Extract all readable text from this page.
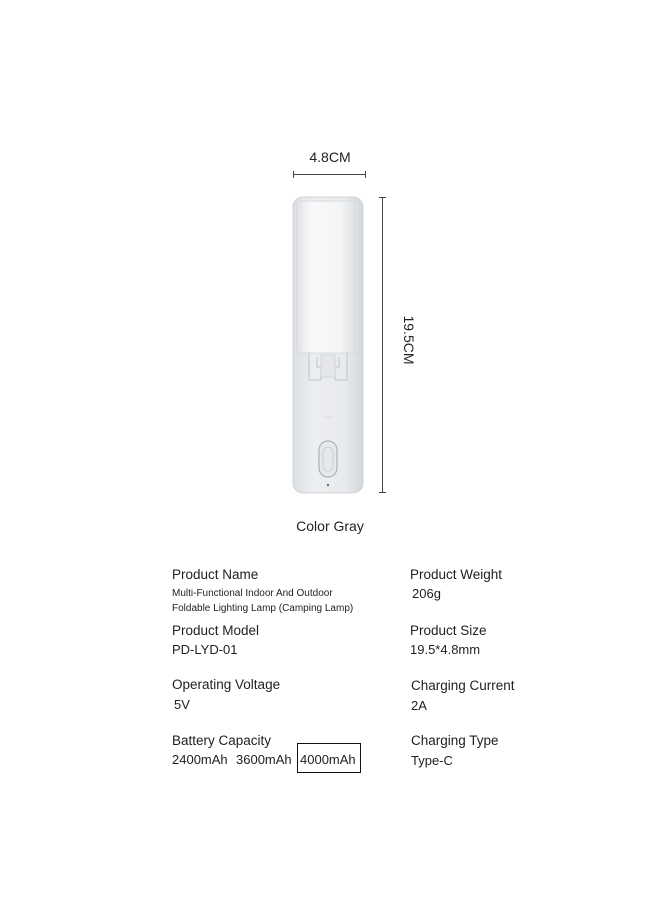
4.8CM
19.5CM
Color Gray
Product Name
Multi-Functional Indoor And Outdoor
Foldable Lighting Lamp (Camping Lamp)
Product Weight
206g
Product Model
PD-LYD-01
Product Size
19.5*4.8mm
Operating Voltage
5V
Charging Current
2A
Battery Capacity
2400mAh 3600mAh 4000mAh
Charging Type
Type-C
